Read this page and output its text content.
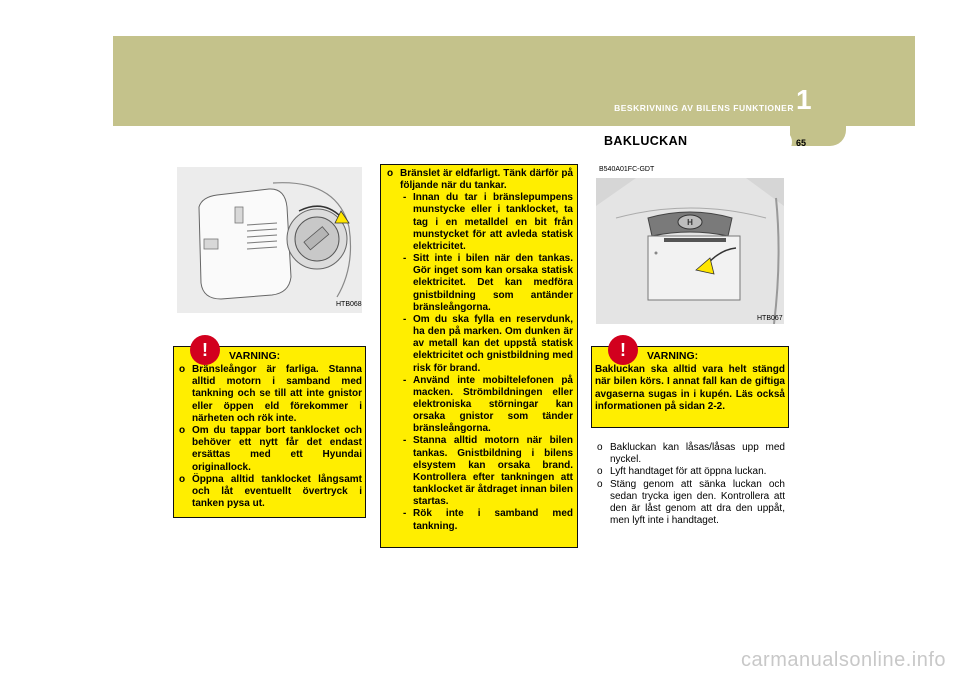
BESKRIVNING AV BILENS FUNKTIONER 1
BAKLUCKAN	65
HTB068
!	VARNING:
o Bränsleångor är farliga. Stanna alltid motorn i samband med tankning och se till att inte gnistor eller öppen eld förekommer i närheten och rök inte.
o Om du tappar bort tanklocket och behöver ett nytt får det endast ersättas med ett Hyundai originallock.
o Öppna alltid tanklocket långsamt och låt eventuellt övertryck i tanken pysa ut.
o Bränslet är eldfarligt. Tänk därför på följande när du tankar.
- Innan du tar i bränslepumpens munstycke eller i tanklocket, ta tag i en metalldel en bit från munstycket för att avleda statisk elektricitet.
- Sitt inte i bilen när den tankas. Gör inget som kan orsaka statisk elektricitet. Det kan medföra gnistbildning som antänder bränsleångorna.
- Om du ska fylla en reservdunk, ha den på marken. Om dunken är av metall kan det uppstå statisk elektricitet och gnistbildning med risk för brand.
- Använd inte mobiltelefonen på macken. Strömbildningen eller elektroniska störningar kan orsaka gnistor som tänder bränsleångorna.
- Stanna alltid motorn när bilen tankas. Gnistbildning i bilens elsystem kan orsaka brand. Kontrollera efter tankningen att tanklocket är åtdraget innan bilen startas.
- Rök inte i samband med tankning.
B540A01FC-GDT
H
HTB067
!	VARNING:

Bakluckan ska alltid vara helt stängd när bilen körs. I annat fall kan de giftiga avgaserna sugas in i kupén. Läs också informationen på sidan 2-2.

o Bakluckan kan låsas/låsas upp med nyckel.
o Lyft handtaget för att öppna luckan.
o Stäng genom att sänka luckan och sedan trycka igen den. Kontrollera att den är låst genom att dra den uppåt, men lyft inte i handtaget.
carmanualsonline.info
